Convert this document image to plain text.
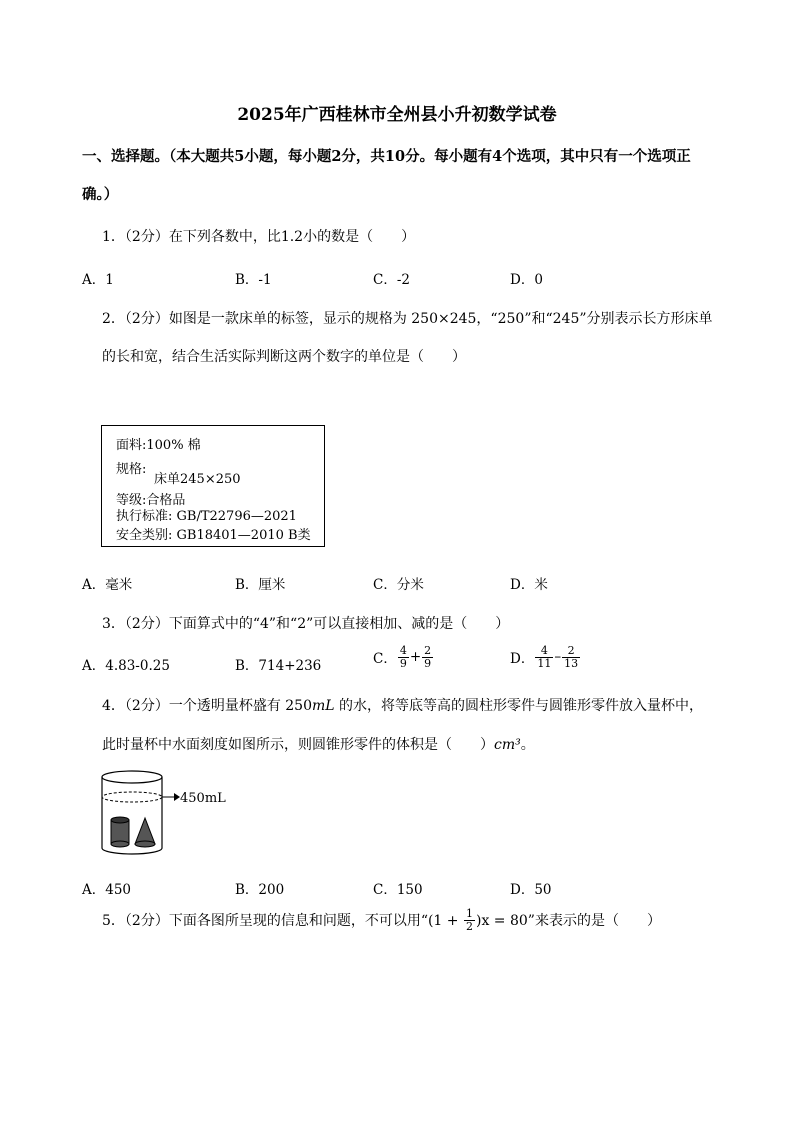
2025年广西桂林市全州县小升初数学试卷
一、选择题。（本大题共5小题，每小题2分，共10分。每小题有4个选项，其中只有一个选项正
确。）
1．（2分）在下列各数中，比1.2小的数是（　　）
A．1	B．-1	C．-2	D．0
2．（2分）如图是一款床单的标签，显示的规格为 250×245，“250”和“245”分别表示长方形床单
的长和宽，结合生活实际判断这两个数字的单位是（　　）
面料:100% 棉
规格:
床单245×250
等级:合格品
执行标准: GB/T22796—2021
安全类别: GB18401—2010 B类
A．毫米	B．厘米	C．分米	D．米
3．（2分）下面算式中的“4”和“2”可以直接相加、减的是（　　）
A．4.83-0.25	B．714+236	C． $\frac{4}{9} + \frac{2}{9}$	D． $\frac{4}{11} - \frac{2}{13}$
4．（2分）一个透明量杯盛有 250mL 的水，将等底等高的圆柱形零件与圆锥形零件放入量杯中，
此时量杯中水面刻度如图所示，则圆锥形零件的体积是（　　）cm³。
450mL
A．450	B．200	C．150	D．50
5．（2分）下面各图所呈现的信息和问题，不可以用“$(1 + \frac{1}{2} )x = 80$”来表示的是（　　）
